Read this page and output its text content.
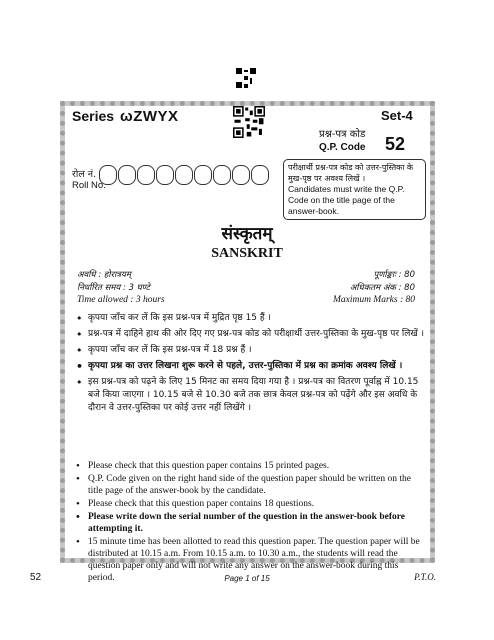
Series ωZWYX	Set-4
प्रश्न-पत्र कोड
Q.P. Code 52
रोल नं.
Roll No.
परीक्षार्थी प्रश्न-पत्र कोड को उत्तर-पुस्तिका के मुख-पृष्ठ पर अवश्य लिखें ।
Candidates must write the Q.P. Code on the title page of the answer-book.
संस्कृतम्
SANSKRIT
अवधि : होरात्रयम्
निर्धारित समय : 3 घण्टे
Time allowed : 3 hours
पूर्णाङ्काः : 80
अधिकतम अंक : 80
Maximum Marks : 80
• कृपया जाँच कर लें कि इस प्रश्न-पत्र में मुद्रित पृष्ठ 15 हैं ।
• प्रश्न-पत्र में दाहिने हाथ की ओर दिए गए प्रश्न-पत्र कोड को परीक्षार्थी उत्तर-पुस्तिका के मुख-पृष्ठ पर लिखें ।
• कृपया जाँच कर लें कि इस प्रश्न-पत्र में 18 प्रश्न हैं ।
• कृपया प्रश्न का उत्तर लिखना शुरू करने से पहले, उत्तर-पुस्तिका में प्रश्न का क्रमांक अवश्य लिखें ।
• इस प्रश्न-पत्र को पढ़ने के लिए 15 मिनट का समय दिया गया है । प्रश्न-पत्र का वितरण पूर्वाह्न में 10.15 बजे किया जाएगा । 10.15 बजे से 10.30 बजे तक छात्र केवल प्रश्न-पत्र को पढ़ेंगे और इस अवधि के दौरान वे उत्तर-पुस्तिका पर कोई उत्तर नहीं लिखेंगे ।
• Please check that this question paper contains 15 printed pages.
• Q.P. Code given on the right hand side of the question paper should be written on the title page of the answer-book by the candidate.
• Please check that this question paper contains 18 questions.
• Please write down the serial number of the question in the answer-book before attempting it.
• 15 minute time has been allotted to read this question paper. The question paper will be distributed at 10.15 a.m. From 10.15 a.m. to 10.30 a.m., the students will read the question paper only and will not write any answer on the answer-book during this period.
52	Page 1 of 15	P.T.O.
